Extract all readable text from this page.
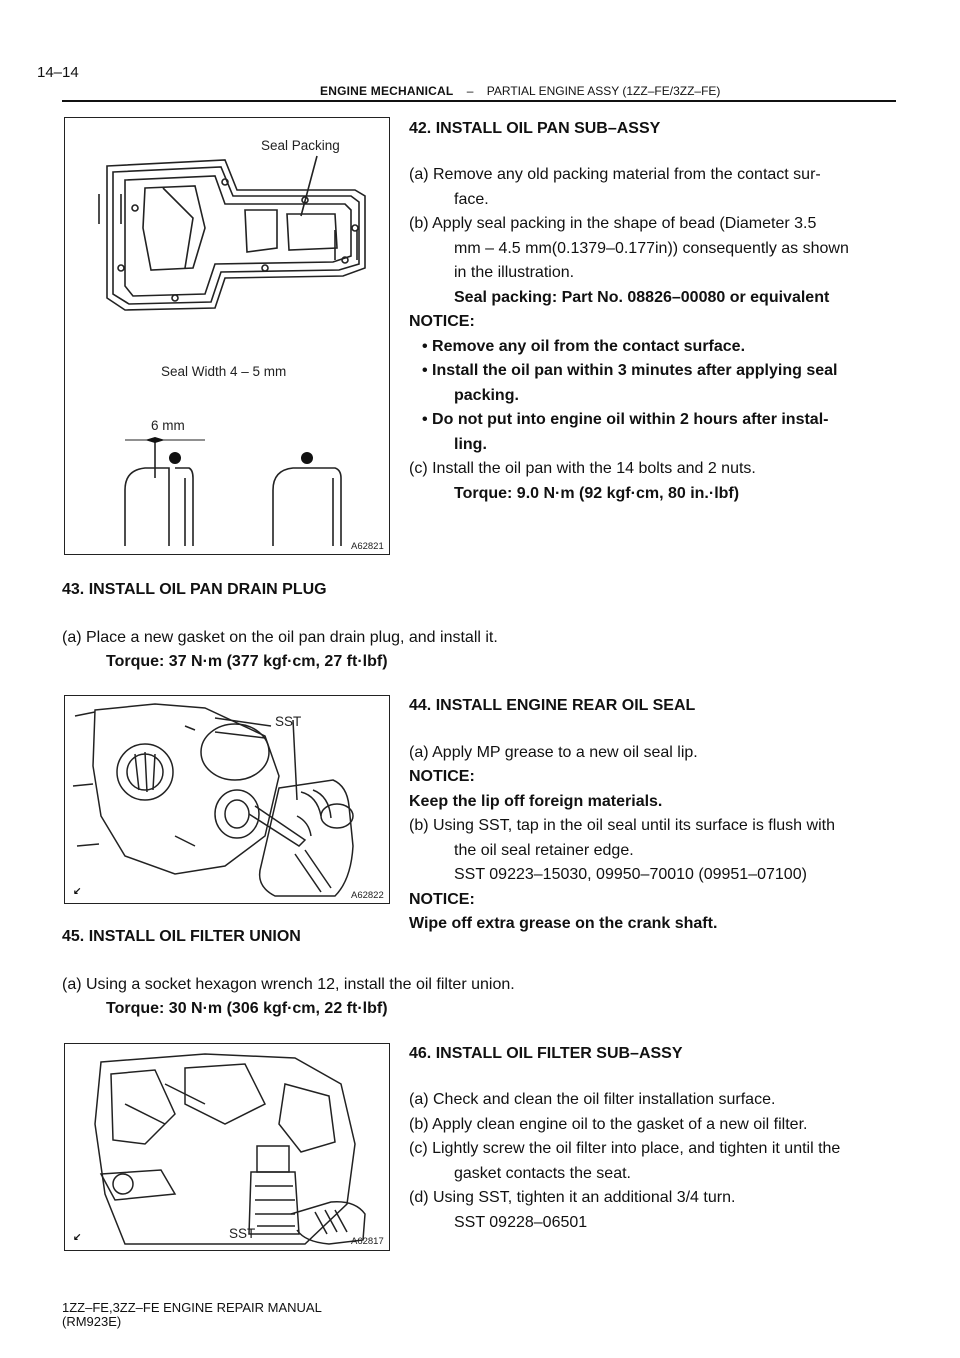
14–14
ENGINE MECHANICAL – PARTIAL ENGINE ASSY (1ZZ–FE/3ZZ–FE)
Seal Packing
Seal Width 4 – 5 mm
6 mm
A62821
42. INSTALL OIL PAN SUB–ASSY
(a) Remove any old packing material from the contact sur-
face.
(b) Apply seal packing in the shape of bead (Diameter 3.5
mm – 4.5 mm(0.1379–0.177in)) consequently as shown
in the illustration.
Seal packing: Part No. 08826–00080 or equivalent
NOTICE:
• Remove any oil from the contact surface.
• Install the oil pan within 3 minutes after applying seal
packing.
• Do not put into engine oil within 2 hours after instal-
ling.
(c) Install the oil pan with the 14 bolts and 2 nuts.
Torque: 9.0 N·m (92 kgf·cm, 80 in.·lbf)
43. INSTALL OIL PAN DRAIN PLUG
(a) Place a new gasket on the oil pan drain plug, and install it.
Torque: 37 N·m (377 kgf·cm, 27 ft·lbf)
44. INSTALL ENGINE REAR OIL SEAL
(a) Apply MP grease to a new oil seal lip.
NOTICE:
Keep the lip off foreign materials.
(b) Using SST, tap in the oil seal until its surface is flush with
the oil seal retainer edge.
SST 09223–15030, 09950–70010 (09951–07100)
NOTICE:
Wipe off extra grease on the crank shaft.
45. INSTALL OIL FILTER UNION
(a) Using a socket hexagon wrench 12, install the oil filter union.
Torque: 30 N·m (306 kgf·cm, 22 ft·lbf)
46. INSTALL OIL FILTER SUB–ASSY
(a) Check and clean the oil filter installation surface.
(b) Apply clean engine oil to the gasket of a new oil filter.
(c) Lightly screw the oil filter into place, and tighten it until the
gasket contacts the seat.
(d) Using SST, tighten it an additional 3/4 turn.
SST 09228–06501
SST
↙	A62822
SST
↙	A62817
1ZZ–FE,3ZZ–FE ENGINE REPAIR MANUAL
(RM923E)
